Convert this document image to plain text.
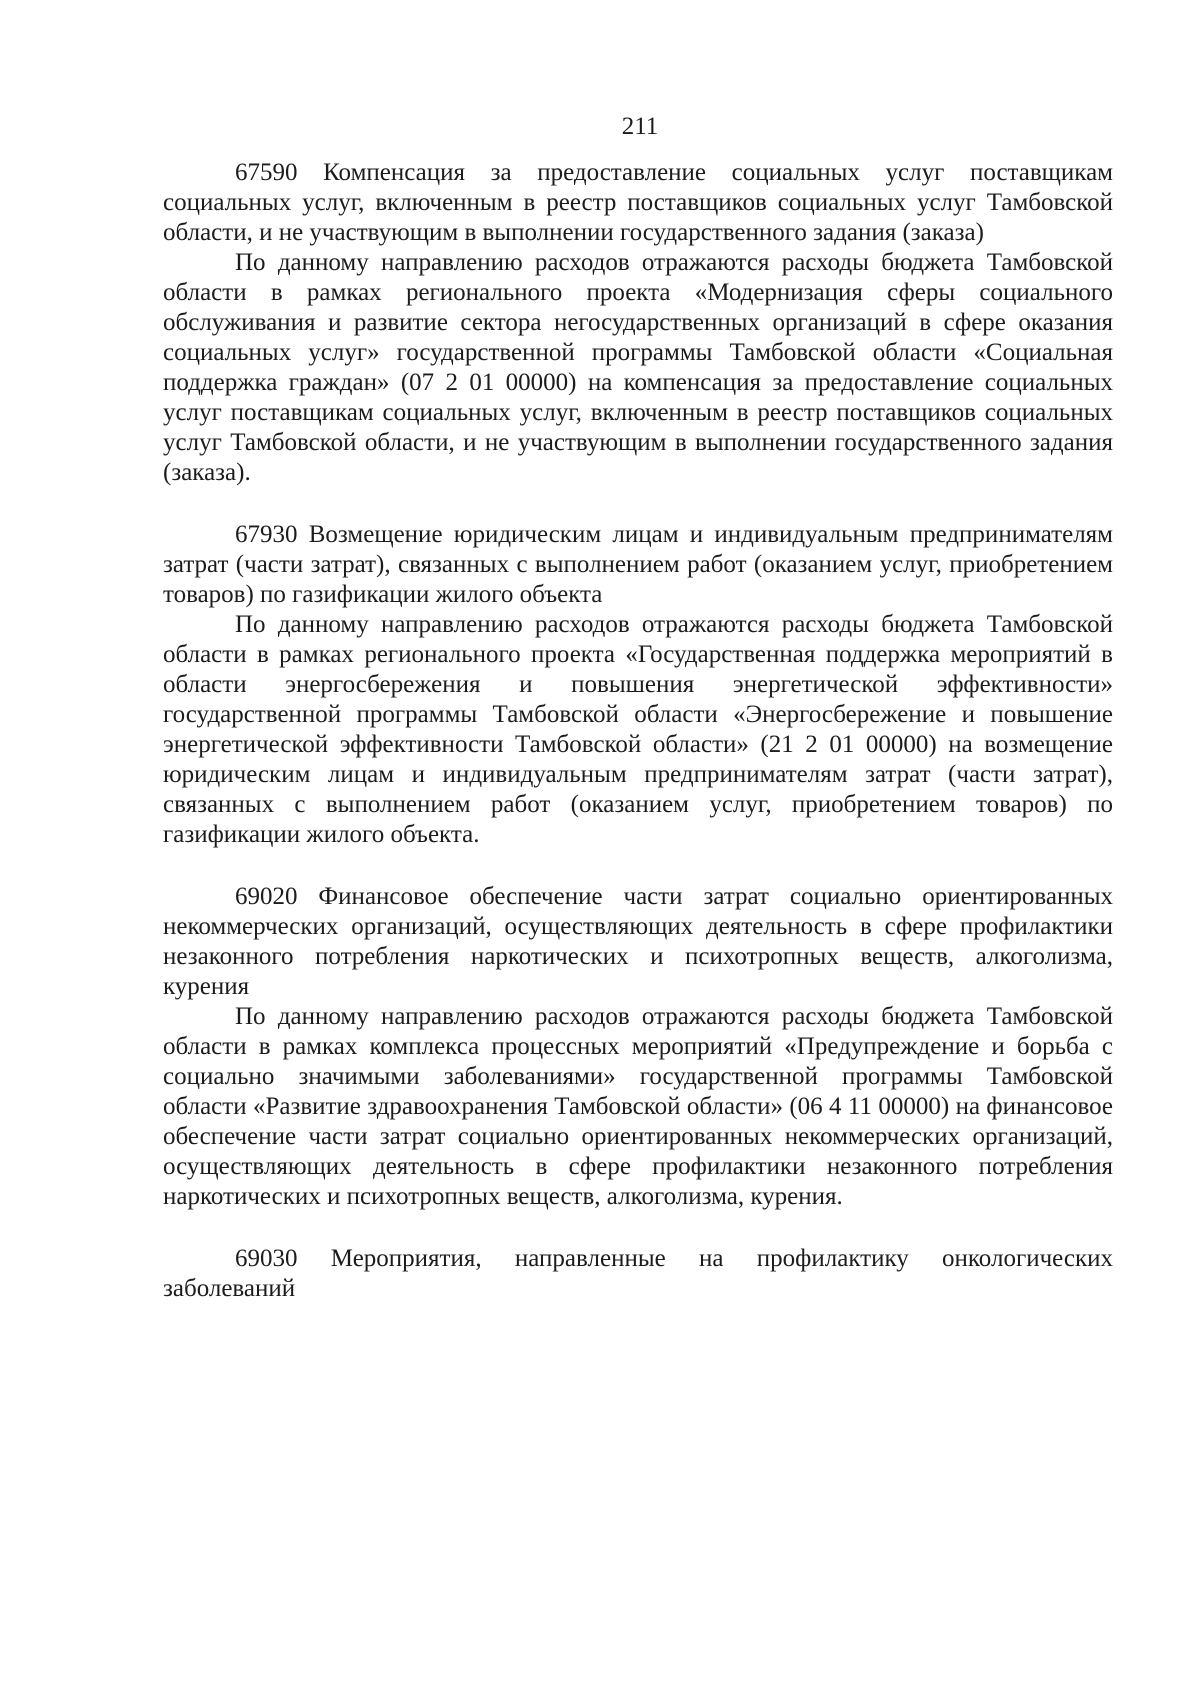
211

67590 Компенсация за предоставление социальных услуг поставщикам социальных услуг, включенным в реестр поставщиков социальных услуг Тамбовской области, и не участвующим в выполнении государственного задания (заказа)

По данному направлению расходов отражаются расходы бюджета Тамбовской области в рамках регионального проекта «Модернизация сферы социального обслуживания и развитие сектора негосударственных организаций в сфере оказания социальных услуг» государственной программы Тамбовской области «Социальная поддержка граждан» (07 2 01 00000) на компенсация за предоставление социальных услуг поставщикам социальных услуг, включенным в реестр поставщиков социальных услуг Тамбовской области, и не участвующим в выполнении государственного задания (заказа).

67930 Возмещение юридическим лицам и индивидуальным предпринимателям затрат (части затрат), связанных с выполнением работ (оказанием услуг, приобретением товаров) по газификации жилого объекта

По данному направлению расходов отражаются расходы бюджета Тамбовской области в рамках регионального проекта «Государственная поддержка мероприятий в области энергосбережения и повышения энергетической эффективности» государственной программы Тамбовской области «Энергосбережение и повышение энергетической эффективности Тамбовской области» (21 2 01 00000) на возмещение юридическим лицам и индивидуальным предпринимателям затрат (части затрат), связанных с выполнением работ (оказанием услуг, приобретением товаров) по газификации жилого объекта.

69020 Финансовое обеспечение части затрат социально ориентированных некоммерческих организаций, осуществляющих деятельность в сфере профилактики незаконного потребления наркотических и психотропных веществ, алкоголизма, курения

По данному направлению расходов отражаются расходы бюджета Тамбовской области в рамках комплекса процессных мероприятий «Предупреждение и борьба с социально значимыми заболеваниями» государственной программы Тамбовской области «Развитие здравоохранения Тамбовской области» (06 4 11 00000) на финансовое обеспечение части затрат социально ориентированных некоммерческих организаций, осуществляющих деятельность в сфере профилактики незаконного потребления наркотических и психотропных веществ, алкоголизма, курения.

69030 Мероприятия, направленные на профилактику онкологических заболеваний
